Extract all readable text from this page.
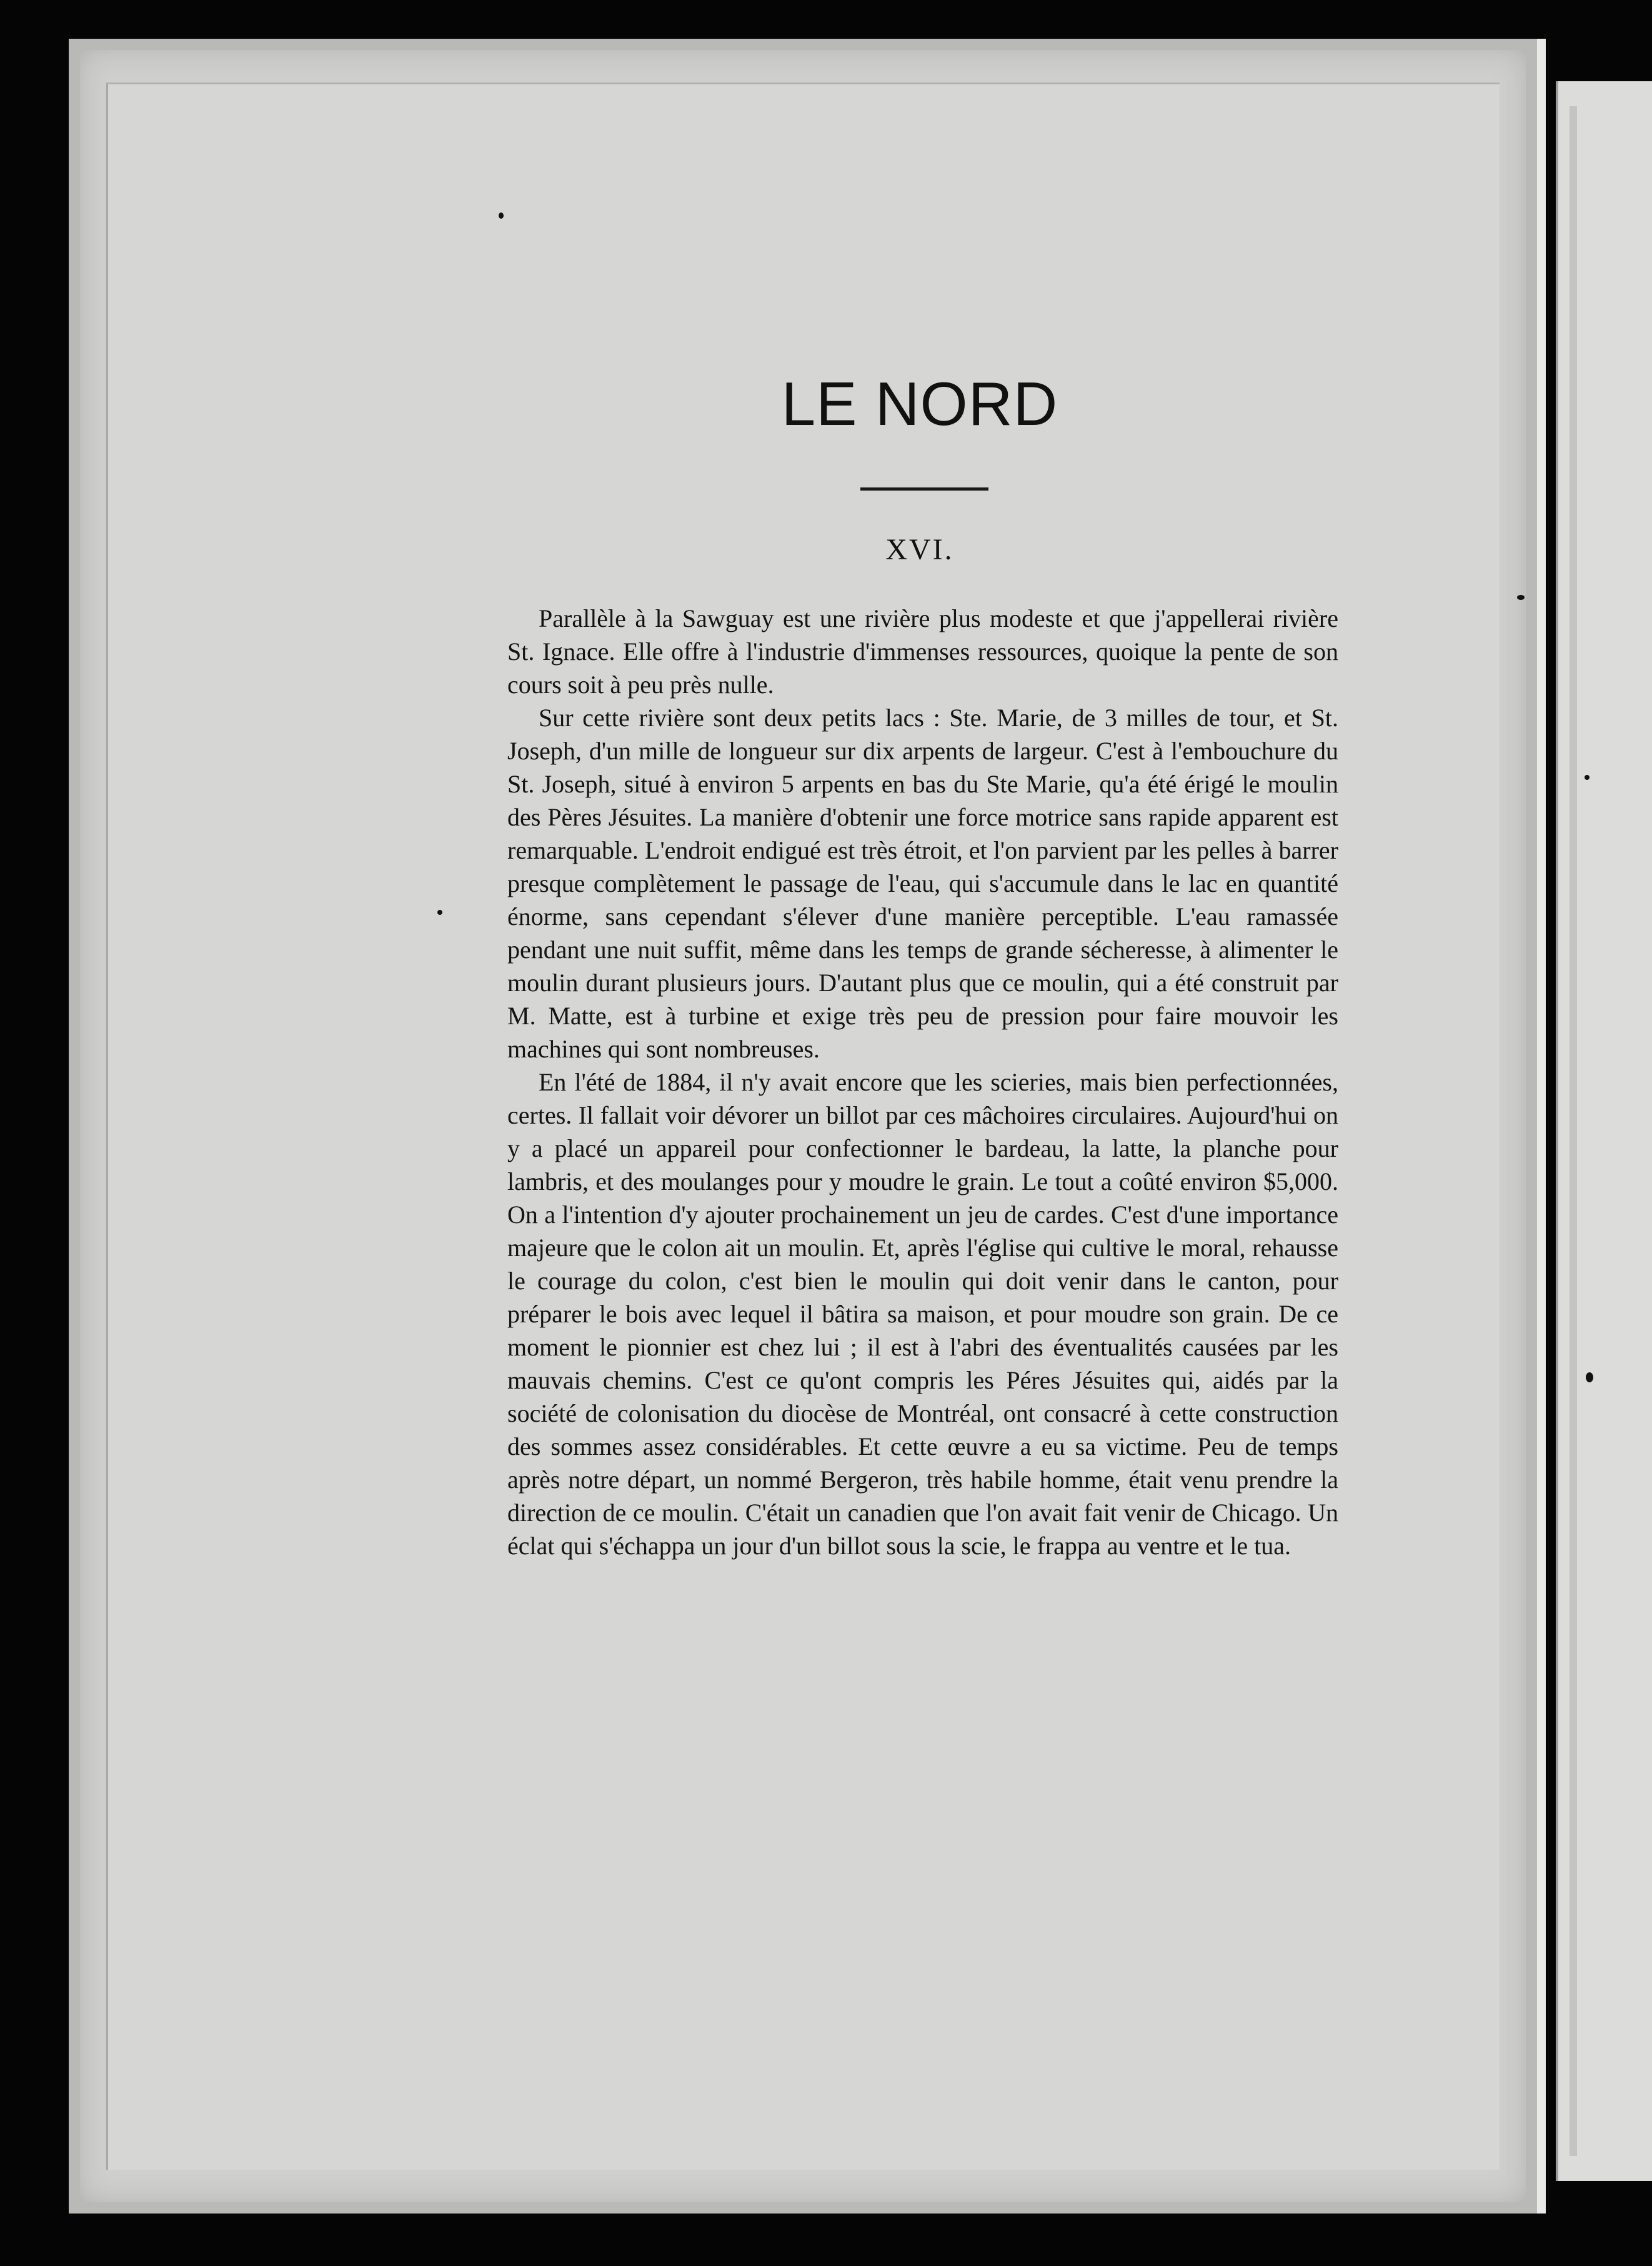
LE NORD
XVI.

Parallèle à la Sawguay est une rivière plus modeste et que j'appellerai rivière St. Ignace. Elle offre à l'industrie d'immenses ressources, quoique la pente de son cours soit à peu près nulle.

Sur cette rivière sont deux petits lacs : Ste. Marie, de 3 milles de tour, et St. Joseph, d'un mille de longueur sur dix arpents de largeur. C'est à l'embouchure du St. Joseph, situé à environ 5 arpents en bas du Ste Marie, qu'a été érigé le moulin des Pères Jésuites. La manière d'obtenir une force motrice sans rapide apparent est remarquable. L'endroit endigué est très étroit, et l'on parvient par les pelles à barrer presque complètement le passage de l'eau, qui s'accumule dans le lac en quantité énorme, sans cependant s'élever d'une manière perceptible. L'eau ramassée pendant une nuit suffit, même dans les temps de grande sécheresse, à alimenter le moulin durant plusieurs jours. D'autant plus que ce moulin, qui a été construit par M. Matte, est à turbine et exige très peu de pression pour faire mouvoir les machines qui sont nombreuses.

En l'été de 1884, il n'y avait encore que les scieries, mais bien perfectionnées, certes. Il fallait voir dévorer un billot par ces mâchoires circulaires. Aujourd'hui on y a placé un appareil pour confectionner le bardeau, la latte, la planche pour lambris, et des moulanges pour y moudre le grain. Le tout a coûté environ $5,000. On a l'intention d'y ajouter prochainement un jeu de cardes. C'est d'une importance majeure que le colon ait un moulin. Et, après l'église qui cultive le moral, rehausse le courage du colon, c'est bien le moulin qui doit venir dans le canton, pour préparer le bois avec lequel il bâtira sa maison, et pour moudre son grain. De ce moment le pionnier est chez lui ; il est à l'abri des éventualités causées par les mauvais chemins. C'est ce qu'ont compris les Péres Jésuites qui, aidés par la société de colonisation du diocèse de Montréal, ont consacré à cette construction des sommes assez considérables. Et cette œuvre a eu sa victime. Peu de temps après notre départ, un nommé Bergeron, très habile homme, était venu prendre la direction de ce moulin. C'était un canadien que l'on avait fait venir de Chicago. Un éclat qui s'échappa un jour d'un billot sous la scie, le frappa au ventre et le tua.
